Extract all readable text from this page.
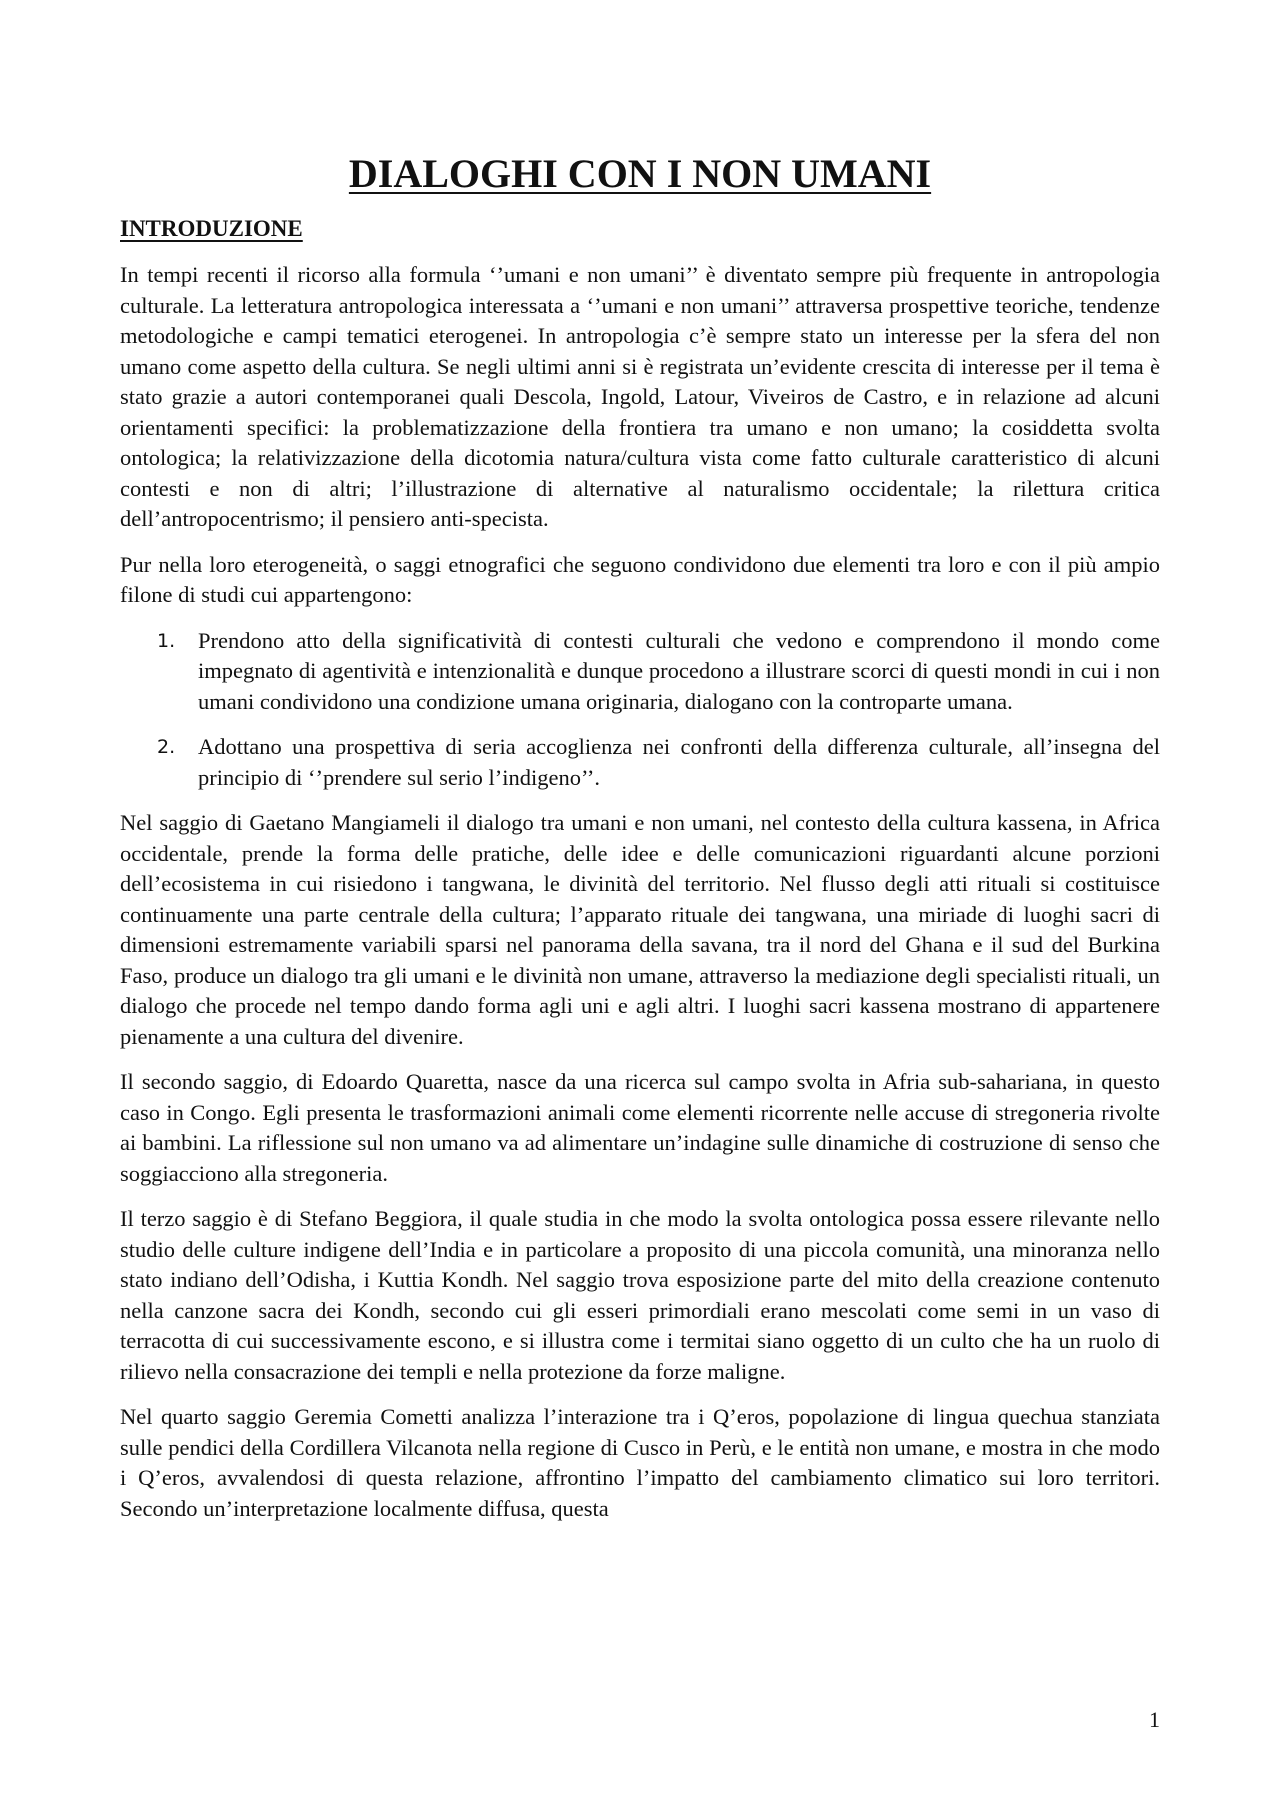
DIALOGHI CON I NON UMANI
INTRODUZIONE

In tempi recenti il ricorso alla formula ‘’umani e non umani’’ è diventato sempre più frequente in antropologia culturale. La letteratura antropologica interessata a ‘’umani e non umani’’ attraversa prospettive teoriche, tendenze metodologiche e campi tematici eterogenei. In antropologia c’è sempre stato un interesse per la sfera del non umano come aspetto della cultura. Se negli ultimi anni si è registrata un’evidente crescita di interesse per il tema è stato grazie a autori contemporanei quali Descola, Ingold, Latour, Viveiros de Castro, e in relazione ad alcuni orientamenti specifici: la problematizzazione della frontiera tra umano e non umano; la cosiddetta svolta ontologica; la relativizzazione della dicotomia natura/cultura vista come fatto culturale caratteristico di alcuni contesti e non di altri; l’illustrazione di alternative al naturalismo occidentale; la rilettura critica dell’antropocentrismo; il pensiero anti-specista.

Pur nella loro eterogeneità, o saggi etnografici che seguono condividono due elementi tra loro e con il più ampio filone di studi cui appartengono:

1. Prendono atto della significatività di contesti culturali che vedono e comprendono il mondo come impegnato di agentività e intenzionalità e dunque procedono a illustrare scorci di questi mondi in cui i non umani condividono una condizione umana originaria, dialogano con la controparte umana.
2. Adottano una prospettiva di seria accoglienza nei confronti della differenza culturale, all’insegna del principio di ‘’prendere sul serio l’indigeno’’.

Nel saggio di Gaetano Mangiameli il dialogo tra umani e non umani, nel contesto della cultura kassena, in Africa occidentale, prende la forma delle pratiche, delle idee e delle comunicazioni riguardanti alcune porzioni dell’ecosistema in cui risiedono i tangwana, le divinità del territorio. Nel flusso degli atti rituali si costituisce continuamente una parte centrale della cultura; l’apparato rituale dei tangwana, una miriade di luoghi sacri di dimensioni estremamente variabili sparsi nel panorama della savana, tra il nord del Ghana e il sud del Burkina Faso, produce un dialogo tra gli umani e le divinità non umane, attraverso la mediazione degli specialisti rituali, un dialogo che procede nel tempo dando forma agli uni e agli altri. I luoghi sacri kassena mostrano di appartenere pienamente a una cultura del divenire.

Il secondo saggio, di Edoardo Quaretta, nasce da una ricerca sul campo svolta in Afria sub-sahariana, in questo caso in Congo. Egli presenta le trasformazioni animali come elementi ricorrente nelle accuse di stregoneria rivolte ai bambini. La riflessione sul non umano va ad alimentare un’indagine sulle dinamiche di costruzione di senso che soggiacciono alla stregoneria.

Il terzo saggio è di Stefano Beggiora, il quale studia in che modo la svolta ontologica possa essere rilevante nello studio delle culture indigene dell’India e in particolare a proposito di una piccola comunità, una minoranza nello stato indiano dell’Odisha, i Kuttia Kondh. Nel saggio trova esposizione parte del mito della creazione contenuto nella canzone sacra dei Kondh, secondo cui gli esseri primordiali erano mescolati come semi in un vaso di terracotta di cui successivamente escono, e si illustra come i termitai siano oggetto di un culto che ha un ruolo di rilievo nella consacrazione dei templi e nella protezione da forze maligne.

Nel quarto saggio Geremia Cometti analizza l’interazione tra i Q’eros, popolazione di lingua quechua stanziata sulle pendici della Cordillera Vilcanota nella regione di Cusco in Perù, e le entità non umane, e mostra in che modo i Q’eros, avvalendosi di questa relazione, affrontino l’impatto del cambiamento climatico sui loro territori. Secondo un’interpretazione localmente diffusa, questa

1
